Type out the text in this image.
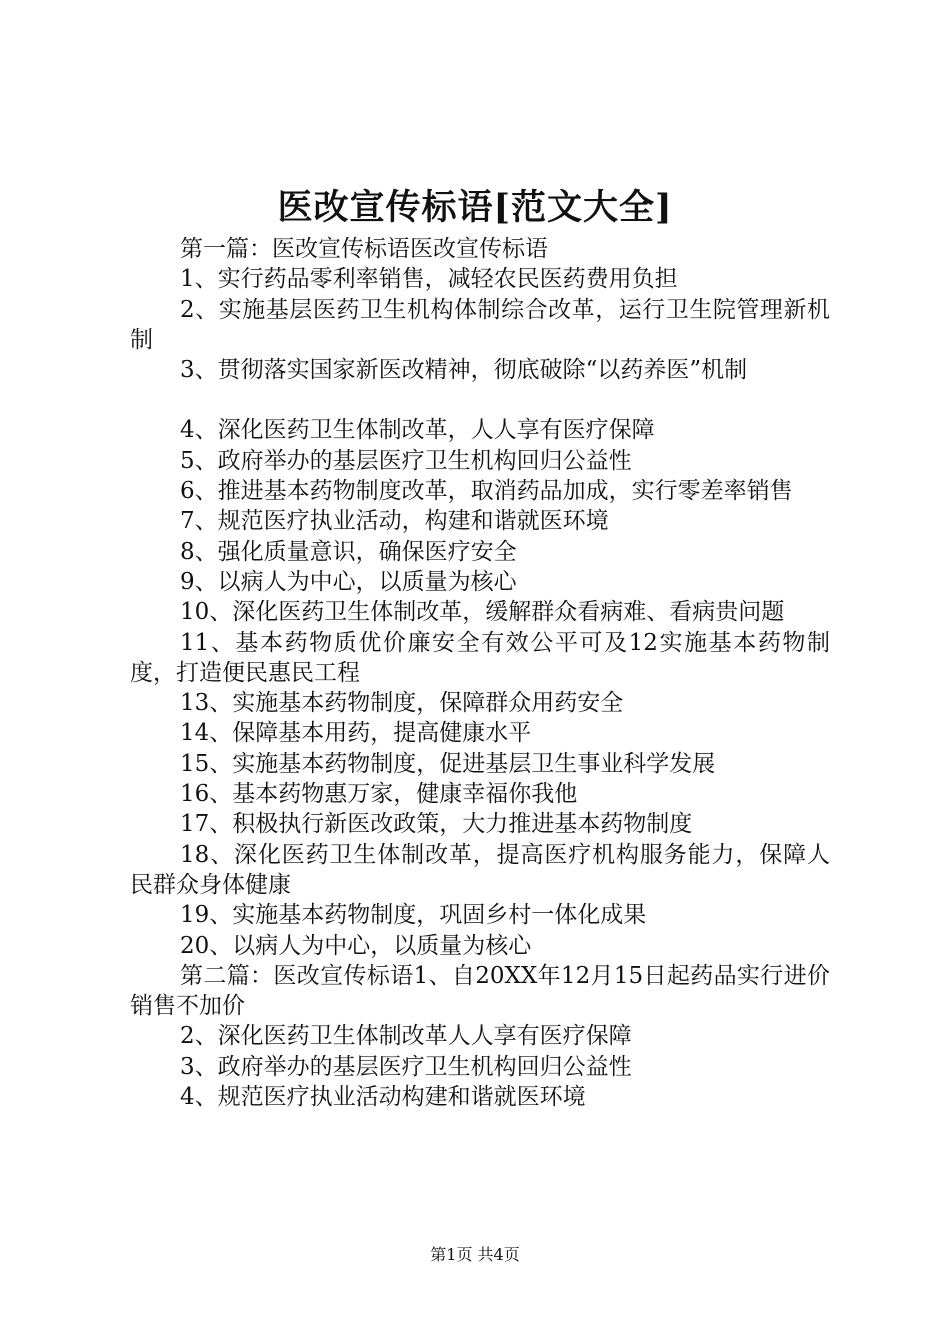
医改宣传标语[范文大全]

第一篇：医改宣传标语医改宣传标语

1、实行药品零利率销售，减轻农民医药费用负担

2、实施基层医药卫生机构体制综合改革，运行卫生院管理新机制

3、贯彻落实国家新医改精神，彻底破除“以药养医”机制

4、深化医药卫生体制改革，人人享有医疗保障

5、政府举办的基层医疗卫生机构回归公益性

6、推进基本药物制度改革，取消药品加成，实行零差率销售

7、规范医疗执业活动，构建和谐就医环境

8、强化质量意识，确保医疗安全

9、以病人为中心，以质量为核心

10、深化医药卫生体制改革，缓解群众看病难、看病贵问题

11、基本药物质优价廉安全有效公平可及12实施基本药物制度，打造便民惠民工程

13、实施基本药物制度，保障群众用药安全

14、保障基本用药，提高健康水平

15、实施基本药物制度，促进基层卫生事业科学发展

16、基本药物惠万家，健康幸福你我他

17、积极执行新医改政策，大力推进基本药物制度

18、深化医药卫生体制改革，提高医疗机构服务能力，保障人民群众身体健康

19、实施基本药物制度，巩固乡村一体化成果

20、以病人为中心，以质量为核心

第二篇：医改宣传标语1、自20XX年12月15日起药品实行进价销售不加价

2、深化医药卫生体制改革人人享有医疗保障

3、政府举办的基层医疗卫生机构回归公益性

4、规范医疗执业活动构建和谐就医环境

第1页 共4页
